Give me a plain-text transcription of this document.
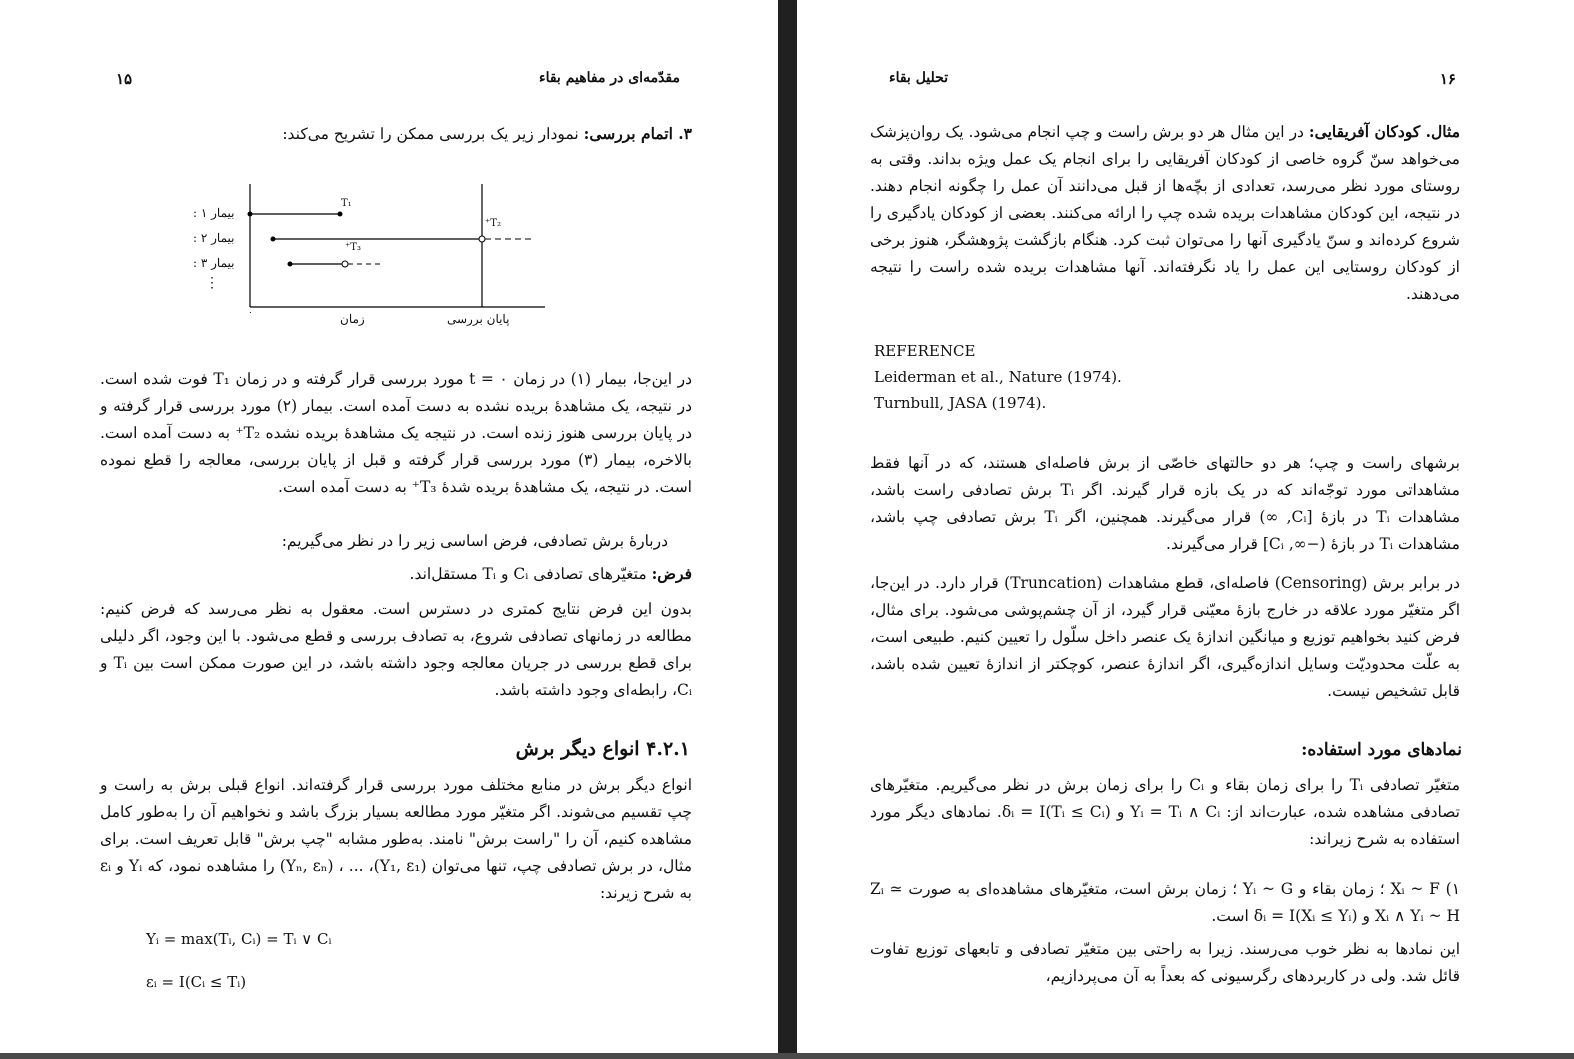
۱۵	مقدّمه‌ای در مفاهیم بقاء

۳. اتمام بررسی: نمودار زیر یک بررسی ممکن را تشریح می‌کند:

بیمار ۱ :
بیمار ۲ :
بیمار ۳ :
⋮
T₁
T₂⁺
T₃⁺
۰	زمان	پایان بررسی

در این‌جا، بیمار (۱) در زمان t = ۰ مورد بررسی قرار گرفته و در زمان T₁ فوت شده است. در نتیجه، یک مشاهدهٔ بریده نشده به دست آمده است. بیمار (۲) مورد بررسی قرار گرفته و در پایان بررسی هنوز زنده است. در نتیجه یک مشاهدهٔ بریده نشده T₂⁺ به دست آمده است. بالاخره، بیمار (۳) مورد بررسی قرار گرفته و قبل از پایان بررسی، معالجه را قطع نموده است. در نتیجه، یک مشاهدهٔ بریده شدهٔ T₃⁺ به دست آمده است.

دربارهٔ برش تصادفی، فرض اساسی زیر را در نظر می‌گیریم:

فرض: متغیّرهای تصادفی Cᵢ و Tᵢ مستقل‌اند.

بدون این فرض نتایج کمتری در دسترس است. معقول به نظر می‌رسد که فرض کنیم: مطالعه در زمانهای تصادفی شروع، به تصادف بررسی و قطع می‌شود. با این وجود، اگر دلیلی برای قطع بررسی در جریان معالجه وجود داشته باشد، در این صورت ممکن است بین Tᵢ و Cᵢ، رابطه‌ای وجود داشته باشد.

۴.۲.۱ انواع دیگر برش

انواع دیگر برش در منابع مختلف مورد بررسی قرار گرفته‌اند. انواع قبلی برش به راست و چپ تقسیم می‌شوند. اگر متغیّر مورد مطالعه بسیار بزرگ باشد و نخواهیم آن را به‌طور کامل مشاهده کنیم، آن را "راست برش" نامند. به‌طور مشابه "چپ برش" قابل تعریف است. برای مثال، در برش تصادفی چپ، تنها می‌توان (Y₁, ε₁)، ... ، (Yₙ, εₙ) را مشاهده نمود، که Yᵢ و εᵢ به شرح زیرند:

Yᵢ = max(Tᵢ, Cᵢ) = Tᵢ ∨ Cᵢ
εᵢ = I(Cᵢ ≤ Tᵢ)
۱۶
تحلیل بقاء

مثال. کودکان آفریقایی: در این مثال هر دو برش راست و چپ انجام می‌شود. یک روان‌پزشک می‌خواهد سنّ گروه خاصی از کودکان آفریقایی را برای انجام یک عمل ویژه بداند. وقتی به روستای مورد نظر می‌رسد، تعدادی از بچّه‌ها از قبل می‌دانند آن عمل را چگونه انجام دهند. در نتیجه، این کودکان مشاهدات بریده شده چپ را ارائه می‌کنند. بعضی از کودکان یادگیری را شروع کرده‌اند و سنّ یادگیری آنها را می‌توان ثبت کرد. هنگام بازگشت پژوهشگر، هنوز برخی از کودکان روستایی این عمل را یاد نگرفته‌اند. آنها مشاهدات بریده شده راست را نتیجه می‌دهند.

REFERENCE
Leiderman et al., Nature (1974).
Turnbull, JASA (1974).

برشهای راست و چپ؛ هر دو حالتهای خاصّی از برش فاصله‌ای هستند، که در آنها فقط مشاهداتی مورد توجّه‌اند که در یک بازه قرار گیرند. اگر Tᵢ برش تصادفی راست باشد، مشاهدات Tᵢ در بازهٔ [Cᵢ, ∞) قرار می‌گیرند. همچنین، اگر Tᵢ برش تصادفی چپ باشد، مشاهدات Tᵢ در بازهٔ (−∞, Cᵢ] قرار می‌گیرند.

در برابر برش (Censoring) فاصله‌ای، قطع مشاهدات (Truncation) قرار دارد. در این‌جا، اگر متغیّر مورد علاقه در خارج بازهٔ معیّنی قرار گیرد، از آن چشم‌پوشی می‌شود. برای مثال، فرض کنید بخواهیم توزیع و میانگین اندازهٔ یک عنصر داخل سلّول را تعیین کنیم. طبیعی است، به علّت محدودیّت وسایل اندازه‌گیری، اگر اندازهٔ عنصر، کوچکتر از اندازهٔ تعیین شده باشد، قابل تشخیص نیست.

نمادهای مورد استفاده:

متغیّر تصادفی Tᵢ را برای زمان بقاء و Cᵢ را برای زمان برش در نظر می‌گیریم. متغیّرهای تصادفی مشاهده شده، عبارت‌اند از: Yᵢ = Tᵢ ∧ Cᵢ و δᵢ = I(Tᵢ ≤ Cᵢ). نمادهای دیگر مورد استفاده به شرح زیراند:

۱) Xᵢ ~ F ؛ زمان بقاء و Yᵢ ~ G ؛ زمان برش است، متغیّرهای مشاهده‌ای به صورت Zᵢ ≃ Xᵢ ∧ Yᵢ ~ H و δᵢ = I(Xᵢ ≤ Yᵢ) است.

این نمادها به نظر خوب می‌رسند. زیرا به راحتی بین متغیّر تصادفی و تابعهای توزیع تفاوت قائل شد. ولی در کاربردهای رگرسیونی که بعداً به آن می‌پردازیم،
